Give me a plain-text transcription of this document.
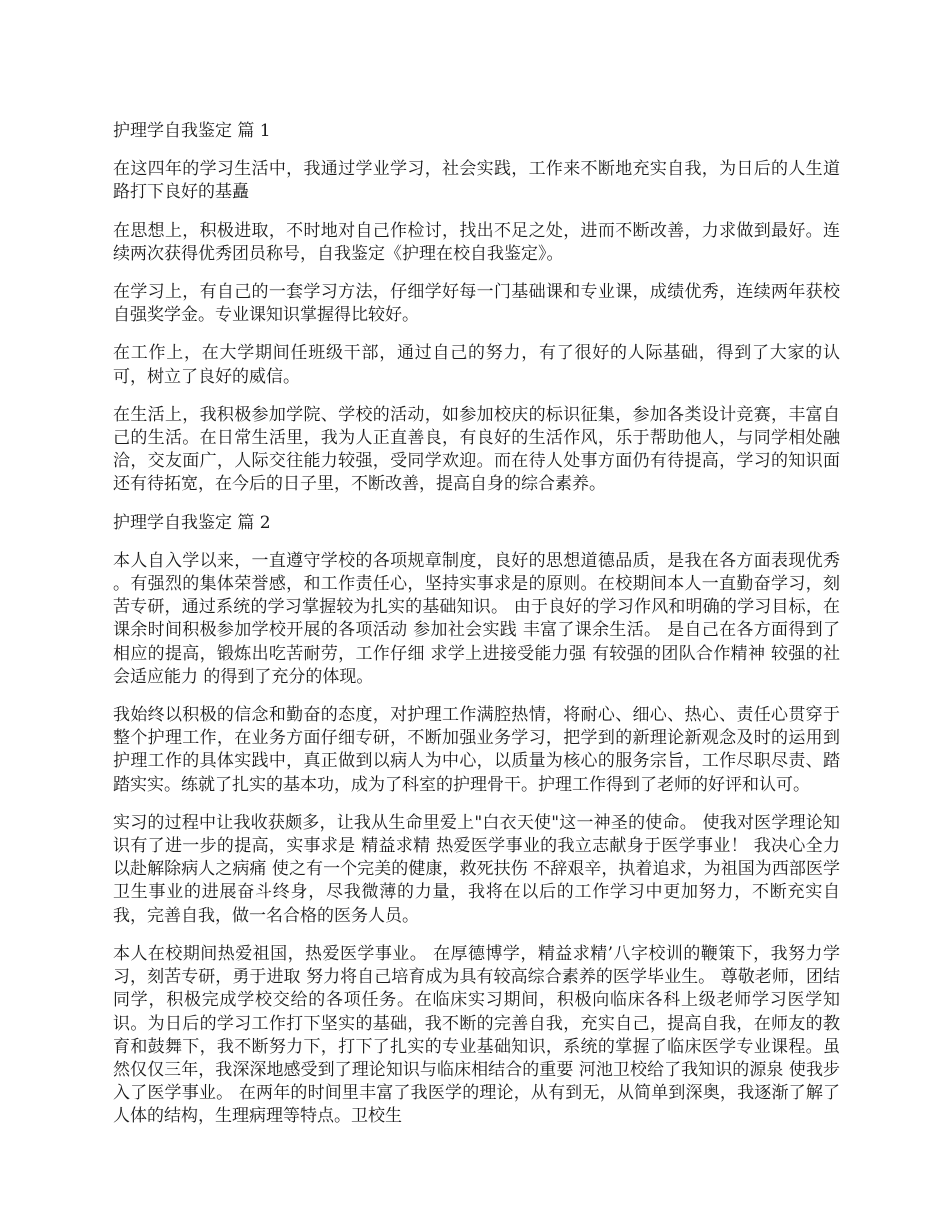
护理学自我鉴定 篇 1

在这四年的学习生活中，我通过学业学习，社会实践，工作来不断地充实自我，为日后的人生道路打下良好的基矗

在思想上，积极进取，不时地对自己作检讨，找出不足之处，进而不断改善，力求做到最好。连续两次获得优秀团员称号，自我鉴定《护理在校自我鉴定》。

在学习上，有自己的一套学习方法，仔细学好每一门基础课和专业课，成绩优秀，连续两年获校自强奖学金。专业课知识掌握得比较好。

在工作上，在大学期间任班级干部，通过自己的努力，有了很好的人际基础，得到了大家的认可，树立了良好的威信。

在生活上，我积极参加学院、学校的活动，如参加校庆的标识征集，参加各类设计竞赛，丰富自己的生活。在日常生活里，我为人正直善良，有良好的生活作风，乐于帮助他人，与同学相处融洽，交友面广，人际交往能力较强，受同学欢迎。而在待人处事方面仍有待提高，学习的知识面还有待拓宽，在今后的日子里，不断改善，提高自身的综合素养。

护理学自我鉴定 篇 2

本人自入学以来，一直遵守学校的各项规章制度，良好的思想道德品质，是我在各方面表现优秀 。有强烈的集体荣誉感，和工作责任心，坚持实事求是的原则。在校期间本人一直勤奋学习，刻苦专研，通过系统的学习掌握较为扎实的基础知识。 由于良好的学习作风和明确的学习目标，在课余时间积极参加学校开展的各项活动 参加社会实践 丰富了课余生活。 是自己在各方面得到了相应的提高，锻炼出吃苦耐劳，工作仔细 求学上进接受能力强 有较强的团队合作精神 较强的社会适应能力 的得到了充分的体现。

我始终以积极的信念和勤奋的态度，对护理工作满腔热情，将耐心、细心、热心、责任心贯穿于整个护理工作，在业务方面仔细专研，不断加强业务学习，把学到的新理论新观念及时的运用到护理工作的具体实践中，真正做到以病人为中心，以质量为核心的服务宗旨，工作尽职尽责、踏踏实实。练就了扎实的基本功，成为了科室的护理骨干。护理工作得到了老师的好评和认可。

实习的过程中让我收获颇多，让我从生命里爱上"白衣天使"这一神圣的使命。 使我对医学理论知识有了进一步的提高，实事求是 精益求精 热爱医学事业的我立志献身于医学事业！ 我决心全力以赴解除病人之病痛 使之有一个完美的健康，救死扶伤 不辞艰辛，执着追求，为祖国为西部医学卫生事业的进展奋斗终身，尽我微薄的力量，我将在以后的工作学习中更加努力，不断充实自我，完善自我，做一名合格的医务人员。

本人在校期间热爱祖国，热爱医学事业。 在厚德博学，精益求精’八字校训的鞭策下，我努力学习，刻苦专研，勇于进取 努力将自己培育成为具有较高综合素养的医学毕业生。 尊敬老师，团结同学，积极完成学校交给的各项任务。在临床实习期间，积极向临床各科上级老师学习医学知识。为日后的学习工作打下坚实的基础，我不断的完善自我，充实自己，提高自我，在师友的教育和鼓舞下，我不断努力下，打下了扎实的专业基础知识，系统的掌握了临床医学专业课程。虽然仅仅三年，我深深地感受到了理论知识与临床相结合的重要 河池卫校给了我知识的源泉 使我步入了医学事业。 在两年的时间里丰富了我医学的理论，从有到无，从简单到深奥，我逐渐了解了人体的结构，生理病理等特点。卫校生
